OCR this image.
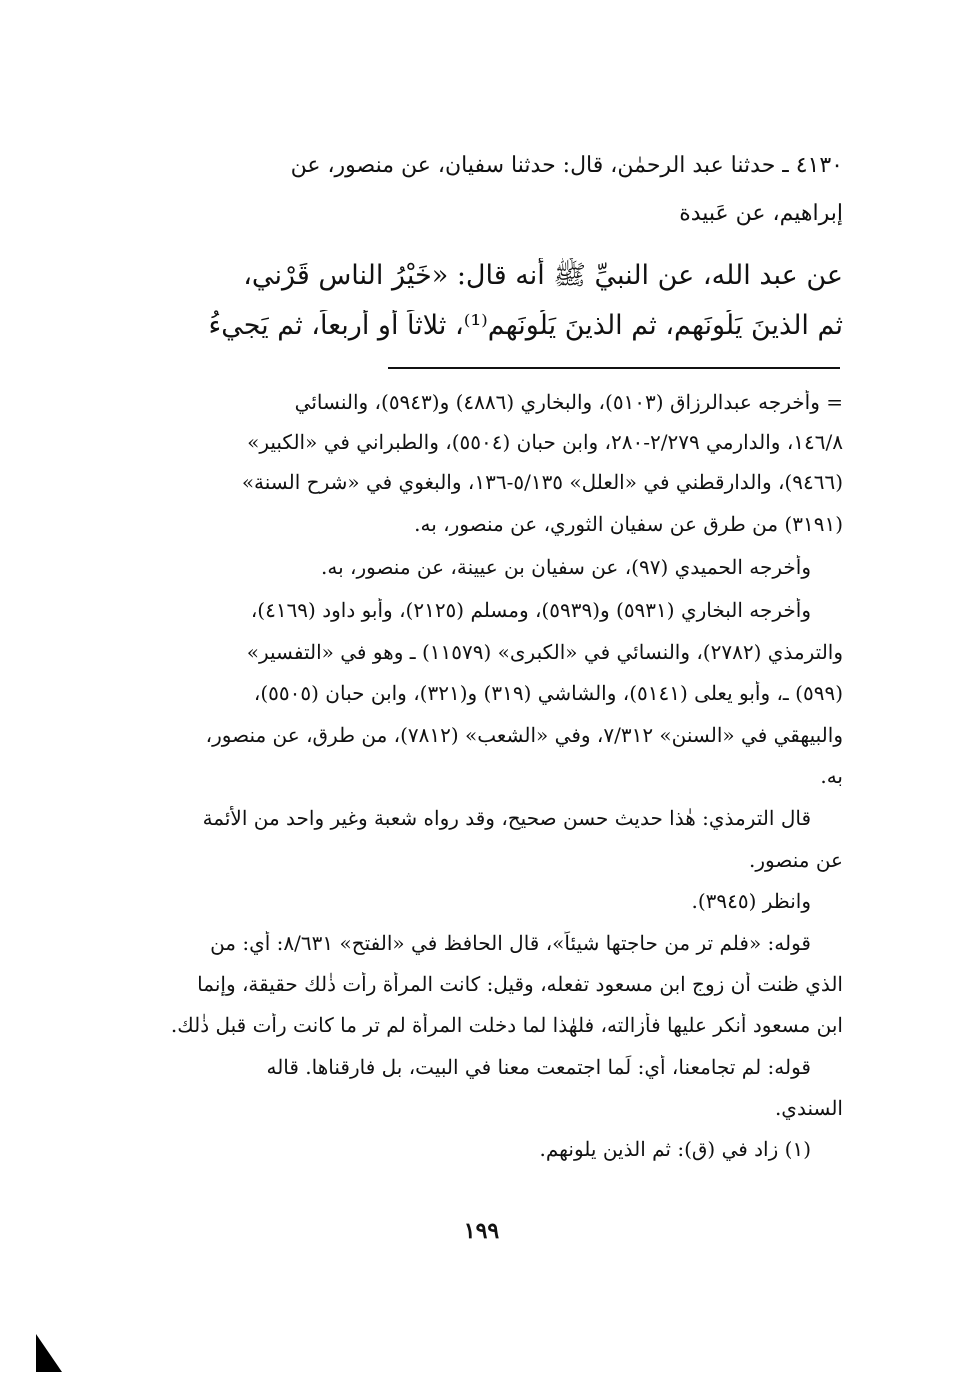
٤١٣٠ ـ حدثنا عبد الرحمٰن، قال: حدثنا سفيان، عن منصور، عن
إبراهيم، عن عَبيدة
عن عبد الله، عن النبيِّ ﷺ أنه قال: «خَيْرُ الناس قَرْني،
ثم الذينَ يَلُونَهم، ثم الذينَ يَلُونَهم⁽¹⁾، ثلاثاً أو أربعاً، ثم يَجيءُ
= وأخرجه عبدالرزاق (٥١٠٣)، والبخاري (٤٨٨٦) و(٥٩٤٣)، والنسائي
١٤٦/٨، والدارمي ٢/٢٧٩-٢٨٠، وابن حبان (٥٥٠٤)، والطبراني في «الكبير»
(٩٤٦٦)، والدارقطني في «العلل» ٥/١٣٥-١٣٦، والبغوي في «شرح السنة»
(٣١٩١) من طرق عن سفيان الثوري، عن منصور، به.
وأخرجه الحميدي (٩٧)، عن سفيان بن عيينة، عن منصور، به.
وأخرجه البخاري (٥٩٣١) و(٥٩٣٩)، ومسلم (٢١٢٥)، وأبو داود (٤١٦٩)،
والترمذي (٢٧٨٢)، والنسائي في «الكبرى» (١١٥٧٩) ـ وهو في «التفسير»
(٥٩٩) ـ، وأبو يعلى (٥١٤١)، والشاشي (٣١٩) و(٣٢١)، وابن حبان (٥٥٠٥)،
والبيهقي في «السنن» ٧/٣١٢، وفي «الشعب» (٧٨١٢)، من طرق، عن منصور،
به.
قال الترمذي: هٰذا حديث حسن صحيح، وقد رواه شعبة وغير واحد من الأئمة
عن منصور.
وانظر (٣٩٤٥).
قوله: «فلم تر من حاجتها شيئاً»، قال الحافظ في «الفتح» ٨/٦٣١: أي: من
الذي ظنت أن زوج ابن مسعود تفعله، وقيل: كانت المرأة رأت ذٰلك حقيقة، وإنما
ابن مسعود أنكر عليها فأزالته، فلهٰذا لما دخلت المرأة لم تر ما كانت رأت قبل ذٰلك.
قوله: لم تجامعنا، أي: لَما اجتمعت معنا في البيت، بل فارقناها. قاله
السندي.
(١) زاد في (ق): ثم الذين يلونهم.
١٩٩
